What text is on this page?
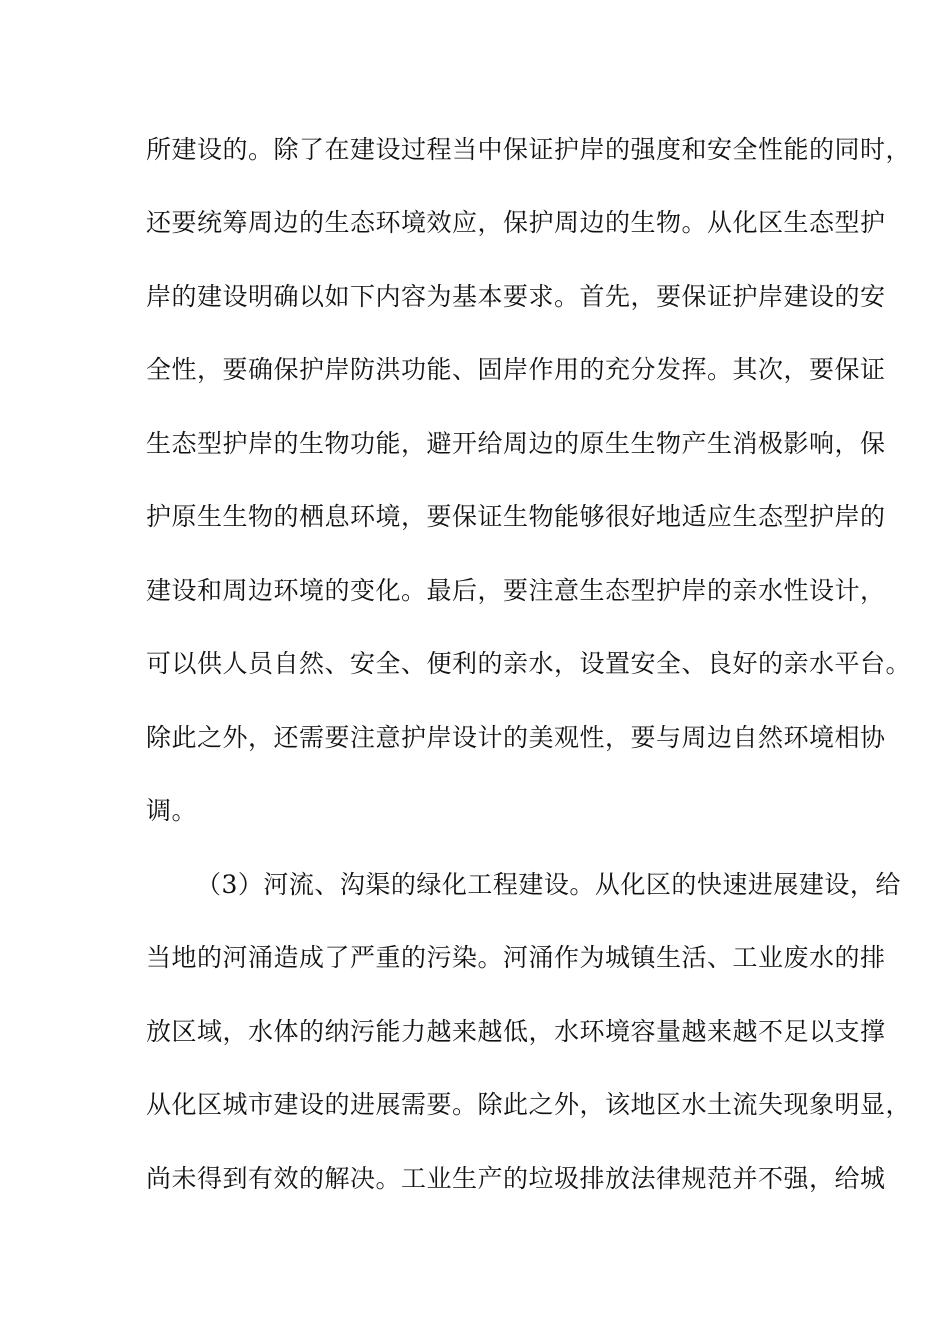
所建设的。除了在建设过程当中保证护岸的强度和安全性能的同时，
还要统筹周边的生态环境效应，保护周边的生物。从化区生态型护
岸的建设明确以如下内容为基本要求。首先，要保证护岸建设的安
全性，要确保护岸防洪功能、固岸作用的充分发挥。其次，要保证
生态型护岸的生物功能，避开给周边的原生生物产生消极影响，保
护原生生物的栖息环境，要保证生物能够很好地适应生态型护岸的
建设和周边环境的变化。最后，要注意生态型护岸的亲水性设计，
可以供人员自然、安全、便利的亲水，设置安全、良好的亲水平台。
除此之外，还需要注意护岸设计的美观性，要与周边自然环境相协
调。
（3）河流、沟渠的绿化工程建设。从化区的快速进展建设，给
当地的河涌造成了严重的污染。河涌作为城镇生活、工业废水的排
放区域，水体的纳污能力越来越低，水环境容量越来越不足以支撑
从化区城市建设的进展需要。除此之外，该地区水土流失现象明显，
尚未得到有效的解决。工业生产的垃圾排放法律规范并不强，给城
